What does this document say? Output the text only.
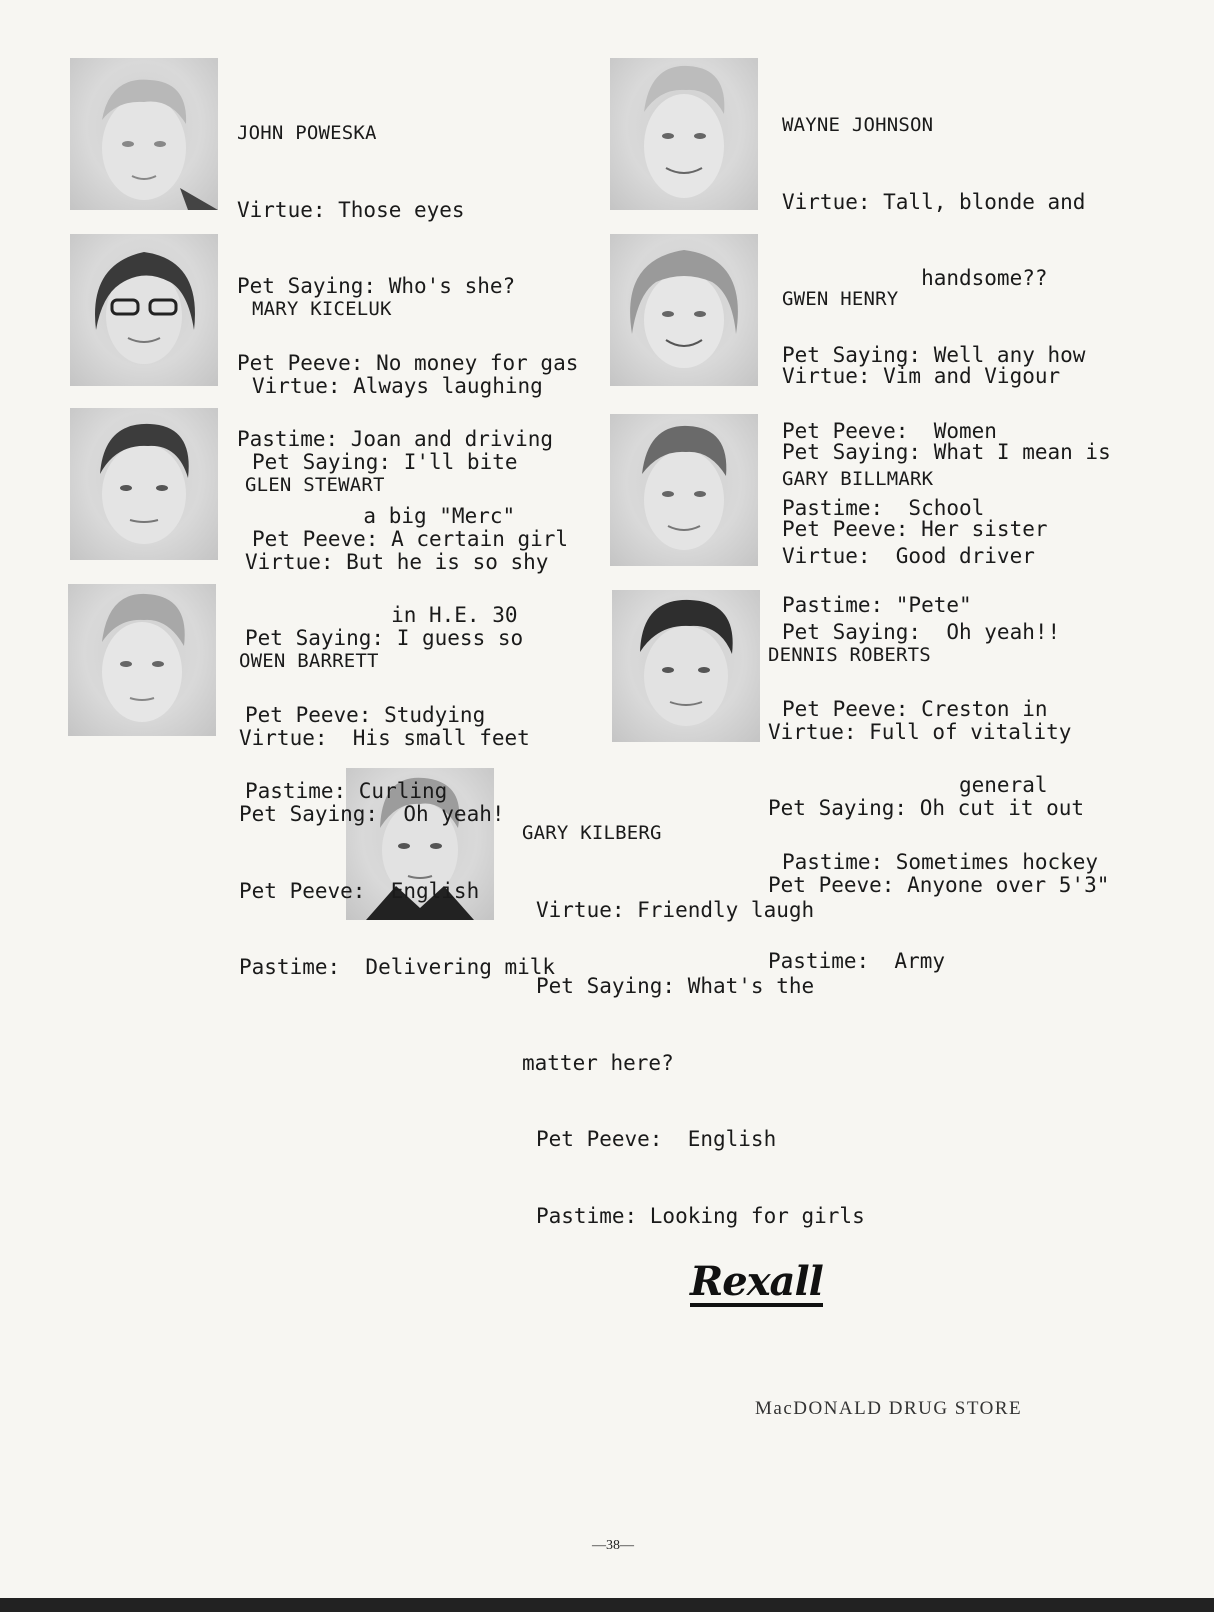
JOHN POWESKA

Virtue: Those eyes

Pet Saying: Who's she?

Pet Peeve: No money for gas

Pastime: Joan and driving

a big "Merc"

MARY KICELUK

Virtue: Always laughing

Pet Saying: I'll bite

Pet Peeve: A certain girl

in H.E. 30

GLEN STEWART

Virtue: But he is so shy

Pet Saying: I guess so

Pet Peeve: Studying

Pastime: Curling

OWEN BARRETT

Virtue:  His small feet

Pet Saying:  Oh yeah!

Pet Peeve:  English

Pastime:  Delivering milk

WAYNE JOHNSON

Virtue: Tall, blonde and

handsome??

Pet Saying: Well any how

Pet Peeve:  Women

Pastime:  School

GWEN HENRY

Virtue: Vim and Vigour

Pet Saying: What I mean is

Pet Peeve: Her sister

Pastime: "Pete"

GARY BILLMARK

Virtue:  Good driver

Pet Saying:  Oh yeah!!

Pet Peeve: Creston in

general

Pastime: Sometimes hockey

DENNIS ROBERTS

Virtue: Full of vitality

Pet Saying: Oh cut it out

Pet Peeve: Anyone over 5'3"

Pastime:  Army

GARY KILBERG

Virtue: Friendly laugh

Pet Saying: What's the

matter here?

Pet Peeve:  English

Pastime: Looking for girls

Rexall
MacDONALD DRUG STORE
—38—
